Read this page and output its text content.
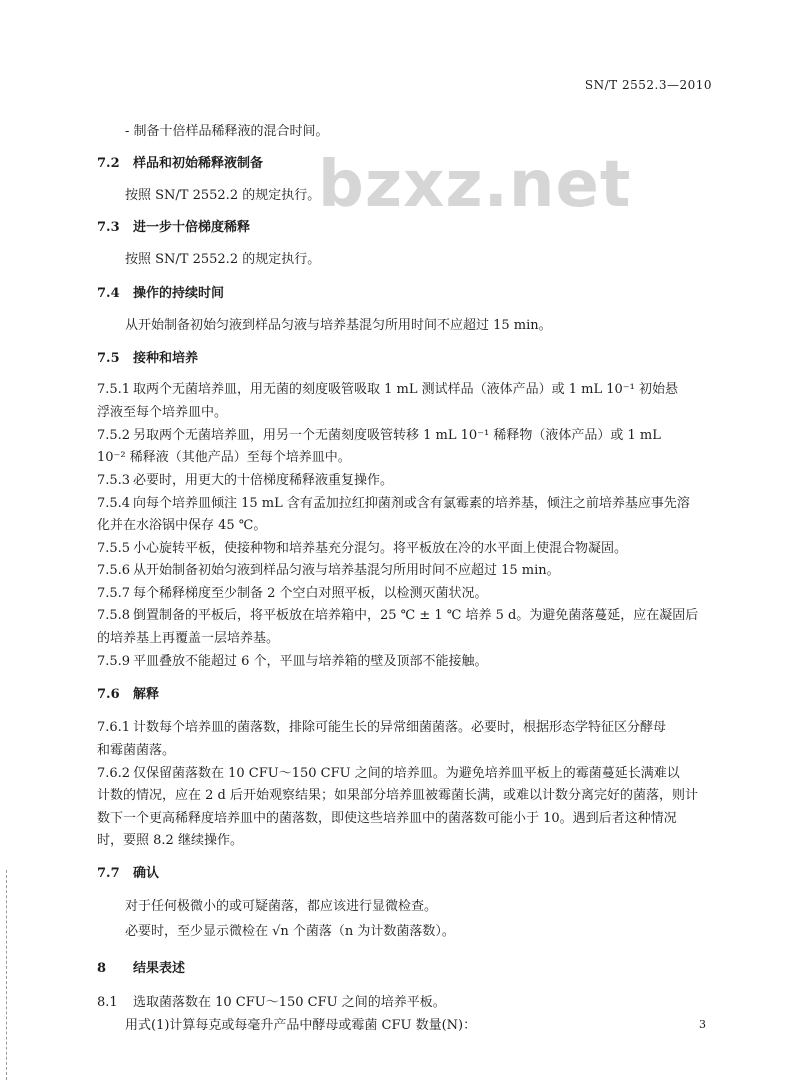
SN/T 2552.3—2010
bzxz.net
- 制备十倍样品稀释液的混合时间。
7.2 样品和初始稀释液制备
按照 SN/T 2552.2 的规定执行。
7.3 进一步十倍梯度稀释
按照 SN/T 2552.2 的规定执行。
7.4 操作的持续时间
从开始制备初始匀液到样品匀液与培养基混匀所用时间不应超过 15 min。
7.5 接种和培养
7.5.1 取两个无菌培养皿，用无菌的刻度吸管吸取 1 mL 测试样品（液体产品）或 1 mL 10⁻¹ 初始悬
浮液至每个培养皿中。
7.5.2 另取两个无菌培养皿，用另一个无菌刻度吸管转移 1 mL 10⁻¹ 稀释物（液体产品）或 1 mL
10⁻² 稀释液（其他产品）至每个培养皿中。
7.5.3 必要时，用更大的十倍梯度稀释液重复操作。
7.5.4 向每个培养皿倾注 15 mL 含有孟加拉红抑菌剂或含有氯霉素的培养基，倾注之前培养基应事先溶
化并在水浴锅中保存 45 ℃。
7.5.5 小心旋转平板，使接种物和培养基充分混匀。将平板放在冷的水平面上使混合物凝固。
7.5.6 从开始制备初始匀液到样品匀液与培养基混匀所用时间不应超过 15 min。
7.5.7 每个稀释梯度至少制备 2 个空白对照平板，以检测灭菌状况。
7.5.8 倒置制备的平板后，将平板放在培养箱中，25 ℃ ± 1 ℃ 培养 5 d。为避免菌落蔓延，应在凝固后
的培养基上再覆盖一层培养基。
7.5.9 平皿叠放不能超过 6 个，平皿与培养箱的壁及顶部不能接触。
7.6 解释
7.6.1 计数每个培养皿的菌落数，排除可能生长的异常细菌菌落。必要时，根据形态学特征区分酵母
和霉菌菌落。
7.6.2 仅保留菌落数在 10 CFU～150 CFU 之间的培养皿。为避免培养皿平板上的霉菌蔓延长满难以
计数的情况，应在 2 d 后开始观察结果；如果部分培养皿被霉菌长满，或难以计数分离完好的菌落，则计
数下一个更高稀释度培养皿中的菌落数，即使这些培养皿中的菌落数可能小于 10。遇到后者这种情况
时，要照 8.2 继续操作。
7.7 确认
对于任何极微小的或可疑菌落，都应该进行显微检查。
必要时，至少显示微检在 √n 个菌落（n 为计数菌落数）。
8 结果表述
8.1 选取菌落数在 10 CFU～150 CFU 之间的培养平板。
用式(1)计算每克或每毫升产品中酵母或霉菌 CFU 数量(N)：	3
